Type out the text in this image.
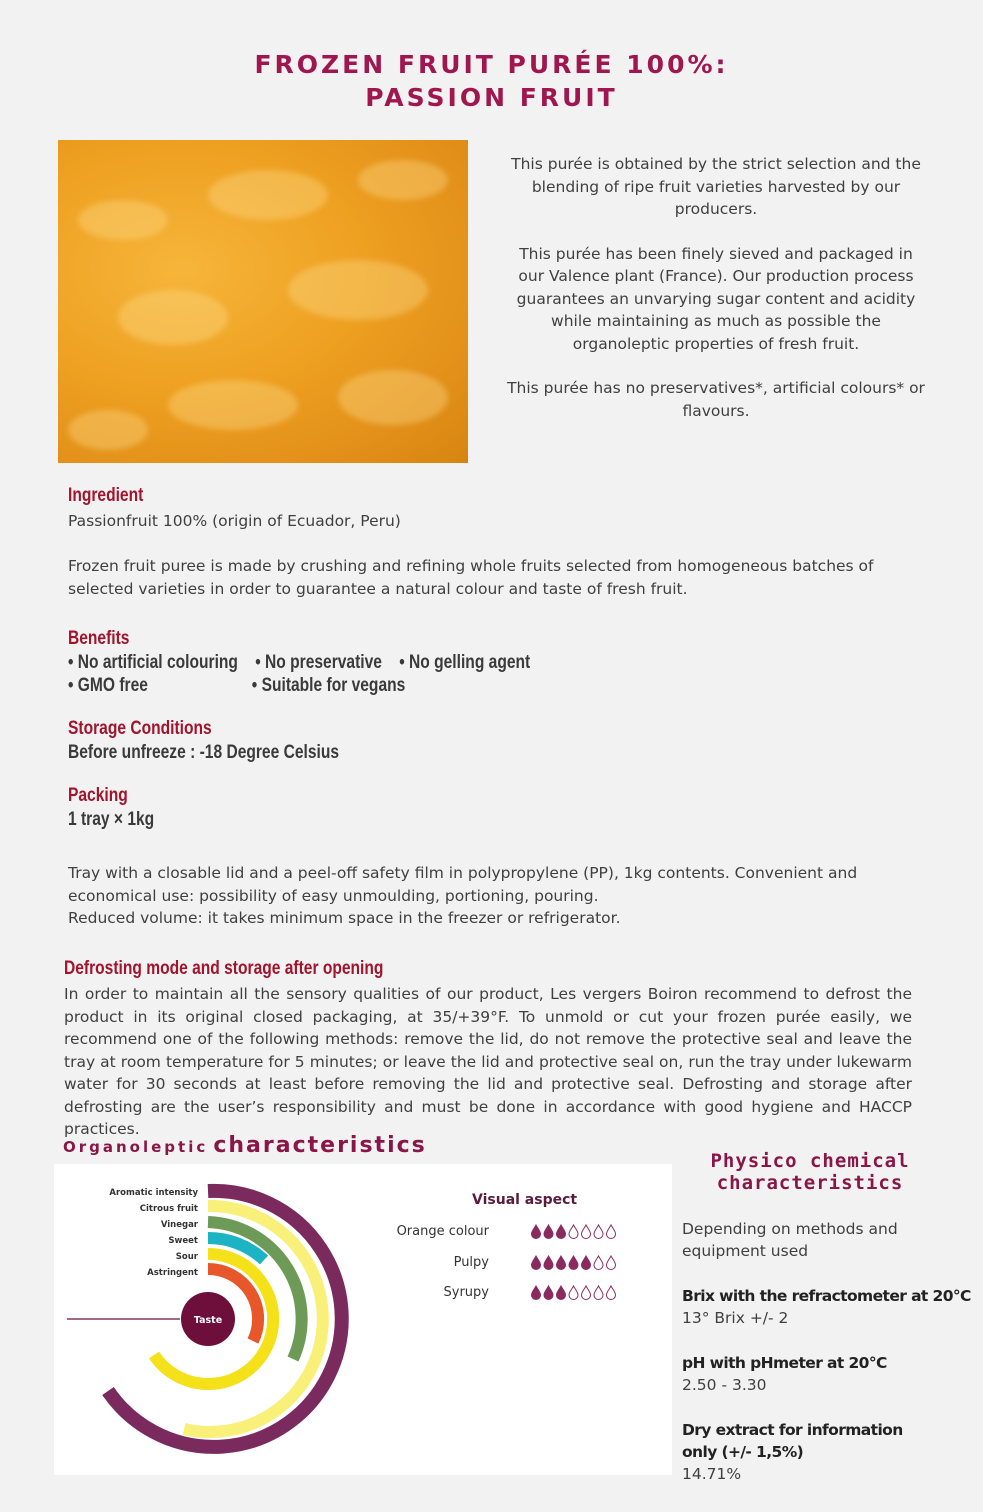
FROZEN FRUIT PURÉE 100%:
PASSION FRUIT

This purée is obtained by the strict selection and the blending of ripe fruit varieties harvested by our producers.

This purée has been finely sieved and packaged in our Valence plant (France). Our production process guarantees an unvarying sugar content and acidity while maintaining as much as possible the organoleptic properties of fresh fruit.

This purée has no preservatives*, artificial colours* or flavours.

Ingredient
Passionfruit 100% (origin of Ecuador, Peru)
Frozen fruit puree is made by crushing and refining whole fruits selected from homogeneous batches of selected varieties in order to guarantee a natural colour and taste of fresh fruit.
Benefits
• No artificial colouring    • No preservative    • No gelling agent
• GMO free                        • Suitable for vegans
Storage Conditions
Before unfreeze : -18 Degree Celsius
Packing
1 tray × 1kg
Tray with a closable lid and a peel-off safety film in polypropylene (PP), 1kg contents. Convenient and economical use: possibility of easy unmoulding, portioning, pouring.
Reduced volume: it takes minimum space in the freezer or refrigerator.
Defrosting mode and storage after opening
In order to maintain all the sensory qualities of our product, Les vergers Boiron recommend to defrost the product in its original closed packaging, at 35/+39°F. To unmold or cut your frozen purée easily, we recommend one of the following methods: remove the lid, do not remove the protective seal and leave the tray at room temperature for 5 minutes; or leave the lid and protective seal on, run the tray under lukewarm water for 30 seconds at least before removing the lid and protective seal. Defrosting and storage after defrosting are the user’s responsibility and must be done in accordance with good hygiene and HACCP practices.
Organoleptic characteristics
Taste
Aromatic intensity
Citrous fruit
Vinegar
Sweet
Sour
Astringent
Visual aspect
Orange colour
Pulpy
Syrupy
Physico chemical
characteristics
Depending on methods and equipment used
Brix with the refractometer at 20°C
13° Brix +/- 2
pH with pHmeter at 20°C
2.50 - 3.30
Dry extract for information only (+/- 1,5%)
14.71%
